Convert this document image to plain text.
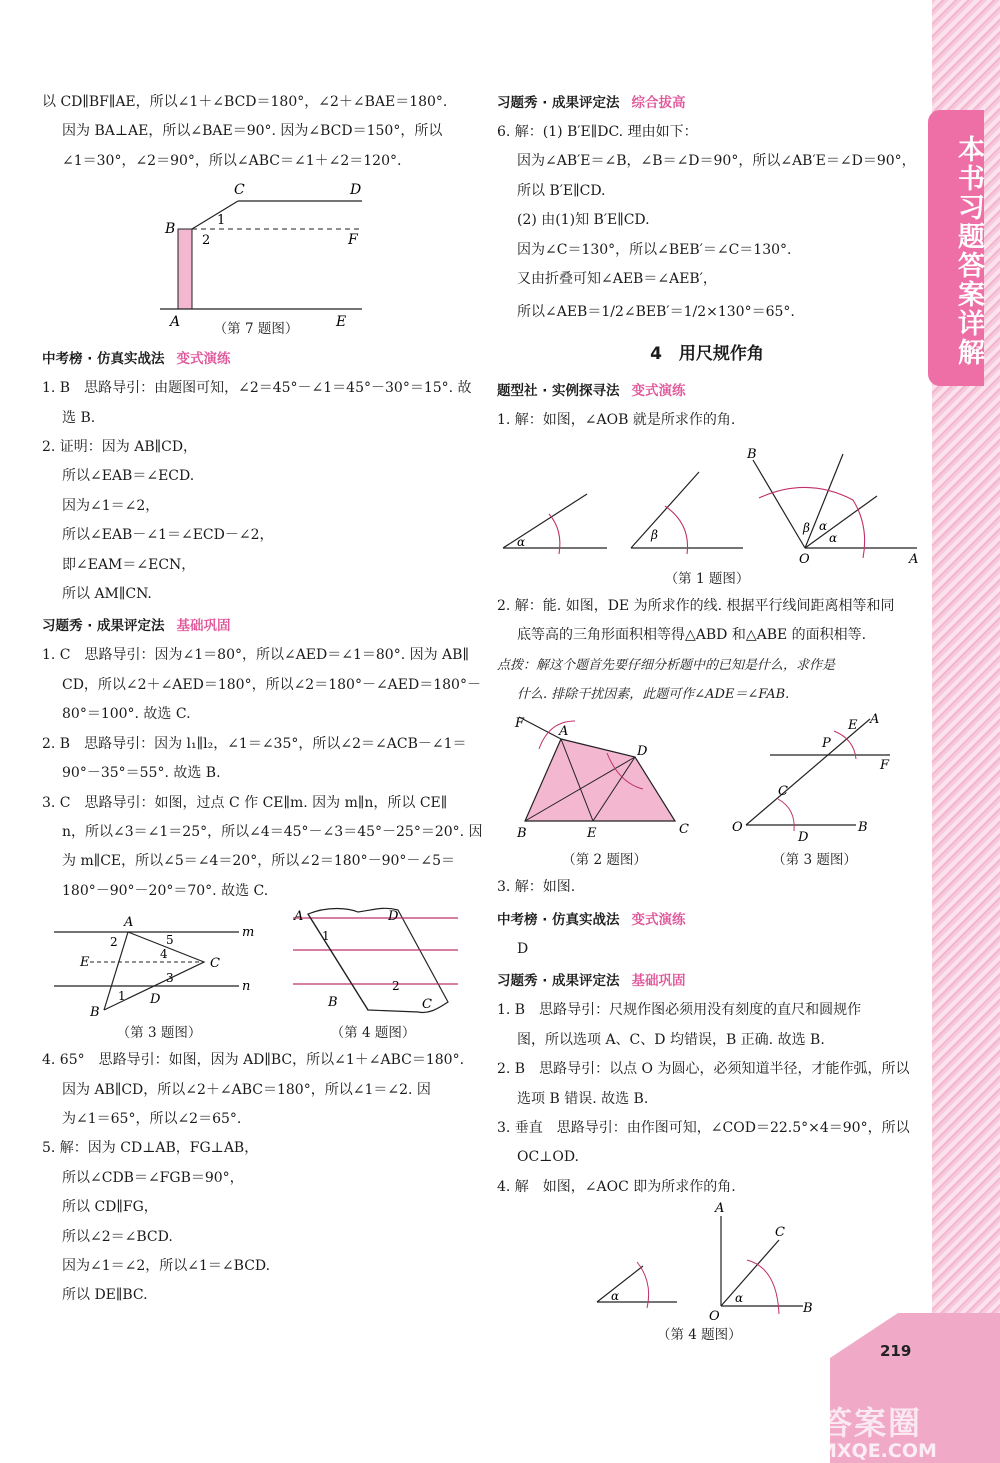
本书习题答案详解
219
答案圈
MXQE.COM
以 CD∥BF∥AE，所以∠1＋∠BCD＝180°，∠2＋∠BAE＝180°.
因为 BA⊥AE，所以∠BAE＝90°. 因为∠BCD＝150°，所以
∠1＝30°，∠2＝90°，所以∠ABC＝∠1＋∠2＝120°.
C	D
B
F
A	E
1
2
（第 7 题图）
中考榜 · 仿真实战法 变式演练
1. B　思路导引：由题图可知，∠2＝45°－∠1＝45°－30°＝15°. 故
选 B.
2. 证明：因为 AB∥CD，
所以∠EAB＝∠ECD.
因为∠1＝∠2，
所以∠EAB－∠1＝∠ECD－∠2，
即∠EAM＝∠ECN，
所以 AM∥CN.
习题秀 · 成果评定法 基础巩固
1. C　思路导引：因为∠1＝80°，所以∠AED＝∠1＝80°. 因为 AB∥
CD，所以∠2＋∠AED＝180°，所以∠2＝180°－∠AED＝180°－
80°＝100°. 故选 C.
2. B　思路导引：因为 l₁∥l₂，∠1＝∠35°，所以∠2＝∠ACB－∠1＝
90°－35°＝55°. 故选 B.
3. C　思路导引：如图，过点 C 作 CE∥m. 因为 m∥n，所以 CE∥
n，所以∠3＝∠1＝25°，所以∠4＝45°－∠3＝45°－25°＝20°. 因
为 m∥CE，所以∠5＝∠4＝20°，所以∠2＝180°－90°－∠5＝
180°－90°－20°＝70°. 故选 C.
A
m
E	C
n
D
B
1
2
3
4
5
（第 3 题图）
A	D
B	C
1
2
（第 4 题图）
4. 65°　思路导引：如图，因为 AD∥BC，所以∠1＋∠ABC＝180°.
因为 AB∥CD，所以∠2＋∠ABC＝180°，所以∠1＝∠2. 因
为∠1＝65°，所以∠2＝65°.
5. 解：因为 CD⊥AB，FG⊥AB，
所以∠CDB＝∠FGB＝90°，
所以 CD∥FG，
所以∠2＝∠BCD.
因为∠1＝∠2，所以∠1＝∠BCD.
所以 DE∥BC.
习题秀 · 成果评定法 综合拔高
6. 解：(1) B′E∥DC. 理由如下：
因为∠AB′E＝∠B，∠B＝∠D＝90°，所以∠AB′E＝∠D＝90°，
所以 B′E∥CD.
(2) 由(1)知 B′E∥CD.
因为∠C＝130°，所以∠BEB′＝∠C＝130°.
又由折叠可知∠AEB＝∠AEB′，
所以∠AEB＝1/2∠BEB′＝1/2×130°＝65°.
4　用尺规作角
题型社 · 实例探寻法 变式演练
1. 解：如图，∠AOB 就是所求作的角.
α	β
B
O	A
β α
α
（第 1 题图）
2. 解：能. 如图，DE 为所求作的线. 根据平行线间距离相等和同
底等高的三角形面积相等得△ABD 和△ABE 的面积相等.
点拨：解这个题首先要仔细分析题中的已知是什么，求作是
什么. 排除干扰因素，此题可作∠ADE＝∠FAB.
F
A
D
B	E	C
（第 2 题图）
E A
P
F
C
O
D
B
（第 3 题图）
3. 解：如图.
中考榜 · 仿真实战法 变式演练
D
习题秀 · 成果评定法 基础巩固
1. B　思路导引：尺规作图必须用没有刻度的直尺和圆规作
图，所以选项 A、C、D 均错误，B 正确. 故选 B.
2. B　思路导引：以点 O 为圆心，必须知道半径，才能作弧，所以
选项 B 错误. 故选 B.
3. 垂直　思路导引：由作图可知，∠COD＝22.5°×4＝90°，所以
OC⊥OD.
4. 解　如图，∠AOC 即为所求作的角.
α	α
A
C
O
B
（第 4 题图）
